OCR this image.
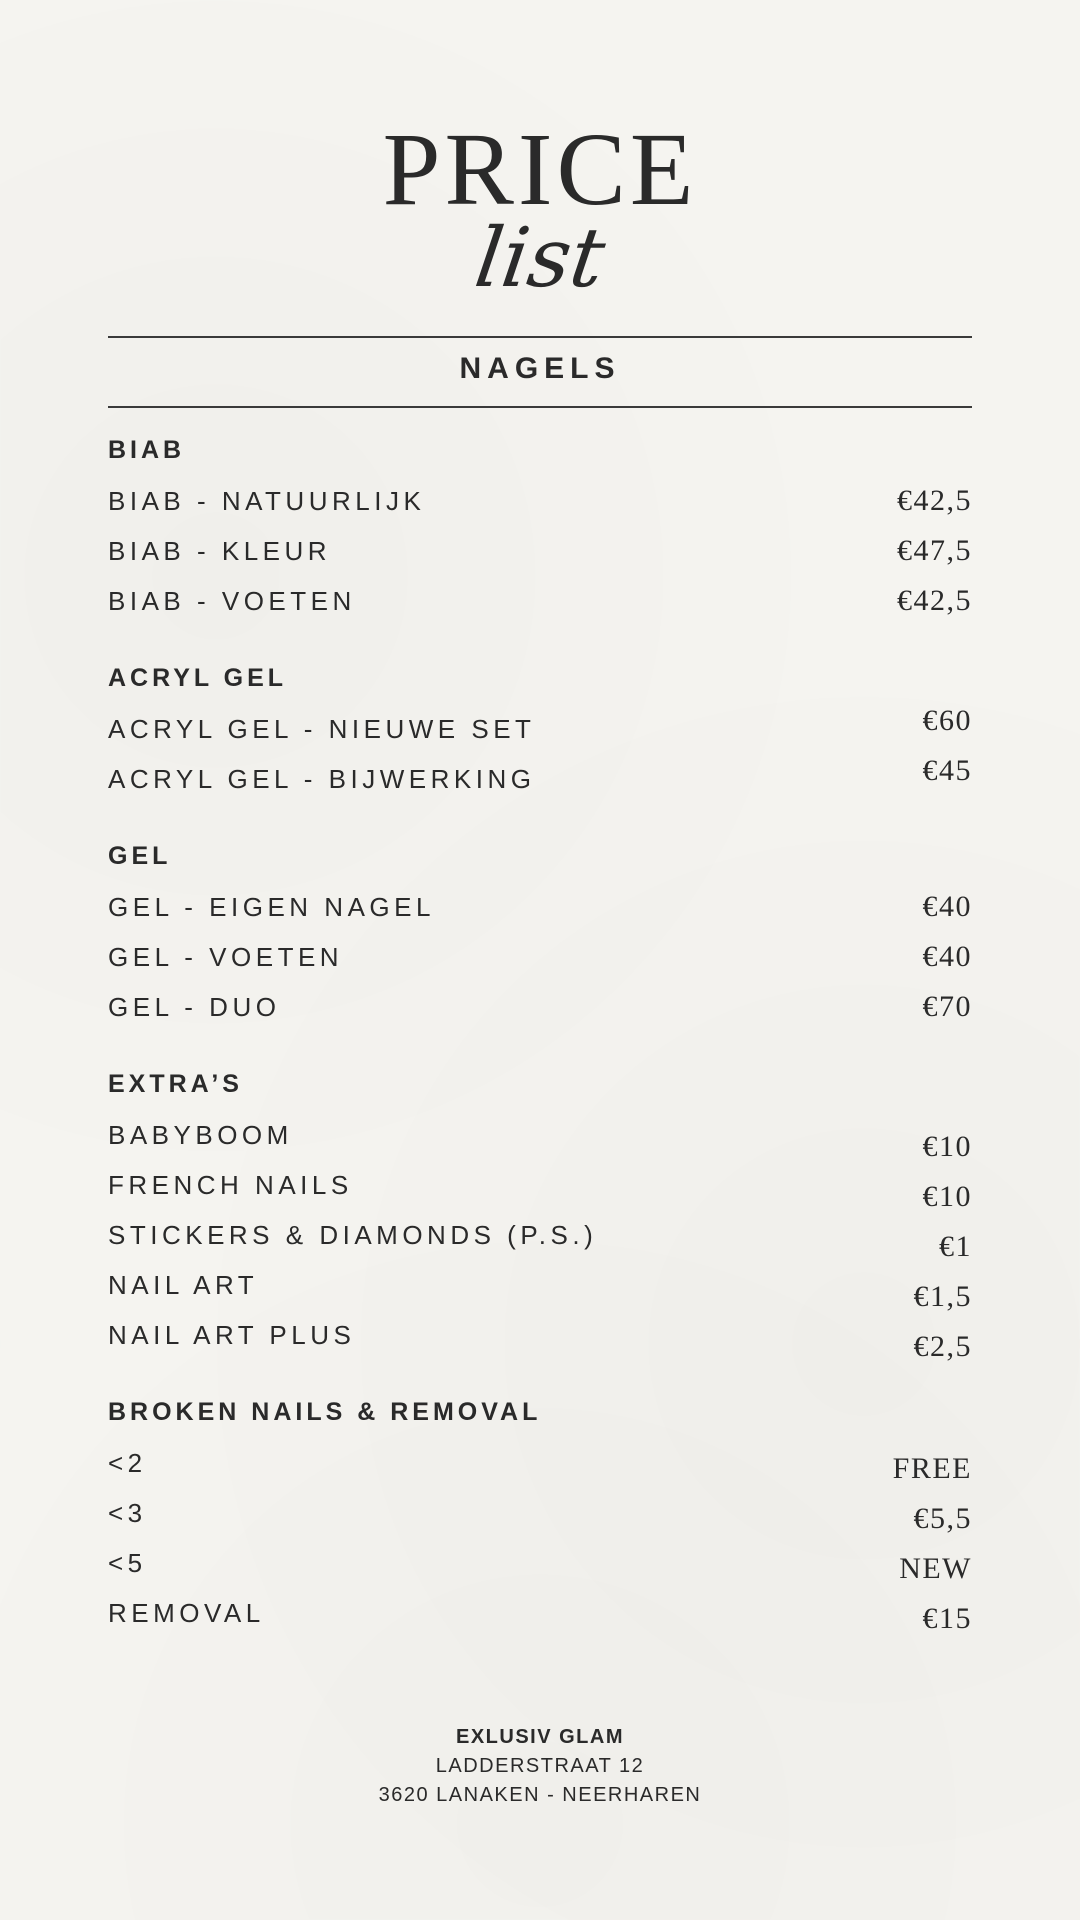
PRICE
list
NAGELS
BIAB
BIAB - NATUURLIJK	€42,5
BIAB - KLEUR	€47,5
BIAB - VOETEN	€42,5
ACRYL GEL
ACRYL GEL - NIEUWE SET	€60
ACRYL GEL - BIJWERKING	€45
GEL
GEL - EIGEN NAGEL	€40
GEL - VOETEN	€40
GEL - DUO	€70
EXTRA’S
BABYBOOM	€10
FRENCH NAILS	€10
STICKERS & DIAMONDS (P.S.)	€1
NAIL ART	€1,5
NAIL ART PLUS	€2,5
BROKEN NAILS & REMOVAL
<2	FREE
<3	€5,5
<5	NEW
REMOVAL	€15
EXLUSIV GLAM
LADDERSTRAAT 12
3620 LANAKEN - NEERHAREN
